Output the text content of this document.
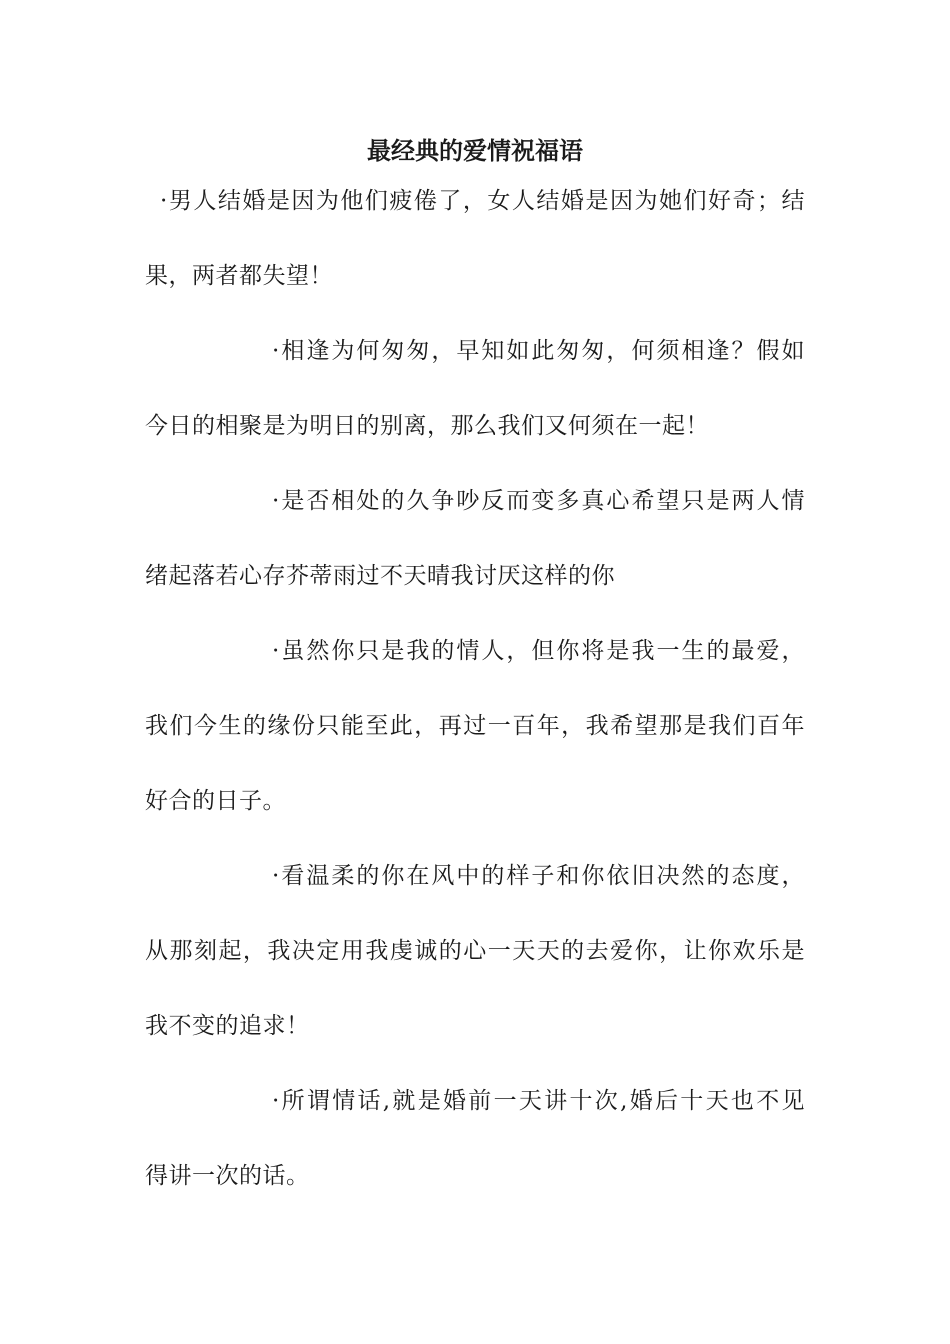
最经典的爱情祝福语
·男人结婚是因为他们疲倦了，女人结婚是因为她们好奇；结
果，两者都失望！
·相逢为何匆匆，早知如此匆匆，何须相逢？假如
今日的相聚是为明日的别离，那么我们又何须在一起！
·是否相处的久争吵反而变多真心希望只是两人情
绪起落若心存芥蒂雨过不天晴我讨厌这样的你
·虽然你只是我的情人，但你将是我一生的最爱，
我们今生的缘份只能至此，再过一百年，我希望那是我们百年
好合的日子。
·看温柔的你在风中的样子和你依旧决然的态度，
从那刻起，我决定用我虔诚的心一天天的去爱你，让你欢乐是
我不变的追求！
·所谓情话,就是婚前一天讲十次,婚后十天也不见
得讲一次的话。
